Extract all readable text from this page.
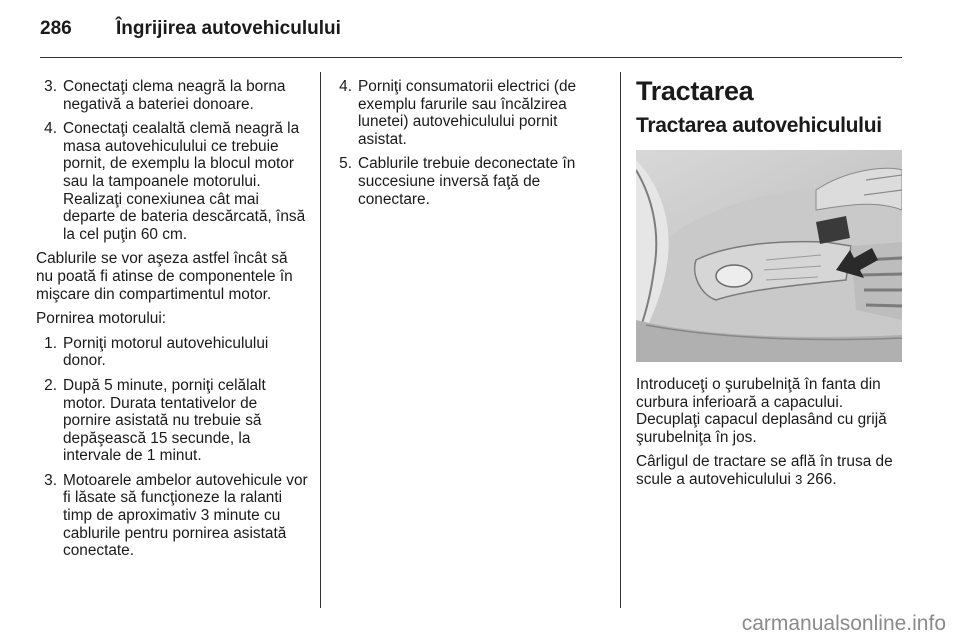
286 Îngrijirea autovehiculului
3. Conectaţi clema neagră la borna negativă a bateriei donoare.
4. Conectaţi cealaltă clemă neagră la masa autovehiculului ce trebuie pornit, de exemplu la blocul motor sau la tampoanele motorului. Realizaţi conexiunea cât mai departe de bateria descărcată, însă la cel puţin 60 cm.

Cablurile se vor aşeza astfel încât să nu poată fi atinse de componentele în mişcare din compartimentul motor.

Pornirea motorului:

1. Porniţi motorul autovehiculului donor.
2. După 5 minute, porniţi celălalt motor. Durata tentativelor de pornire asistată nu trebuie să depăşească 15 secunde, la intervale de 1 minut.
3. Motoarele ambelor autovehicule vor fi lăsate să funcţioneze la ralanti timp de aproximativ 3 minute cu cablurile pentru pornirea asistată conectate.
4. Porniţi consumatorii electrici (de exemplu farurile sau încălzirea lunetei) autovehiculului pornit asistat.
5. Cablurile trebuie deconectate în succesiune inversă faţă de conectare.
Tractarea
Tractarea autovehiculului

Introduceţi o şurubelniţă în fanta din curbura inferioară a capacului. Decuplaţi capacul deplasând cu grijă şurubelniţa în jos.

Cârligul de tractare se află în trusa de scule a autovehiculului 3 266.

carmanualsonline.info
